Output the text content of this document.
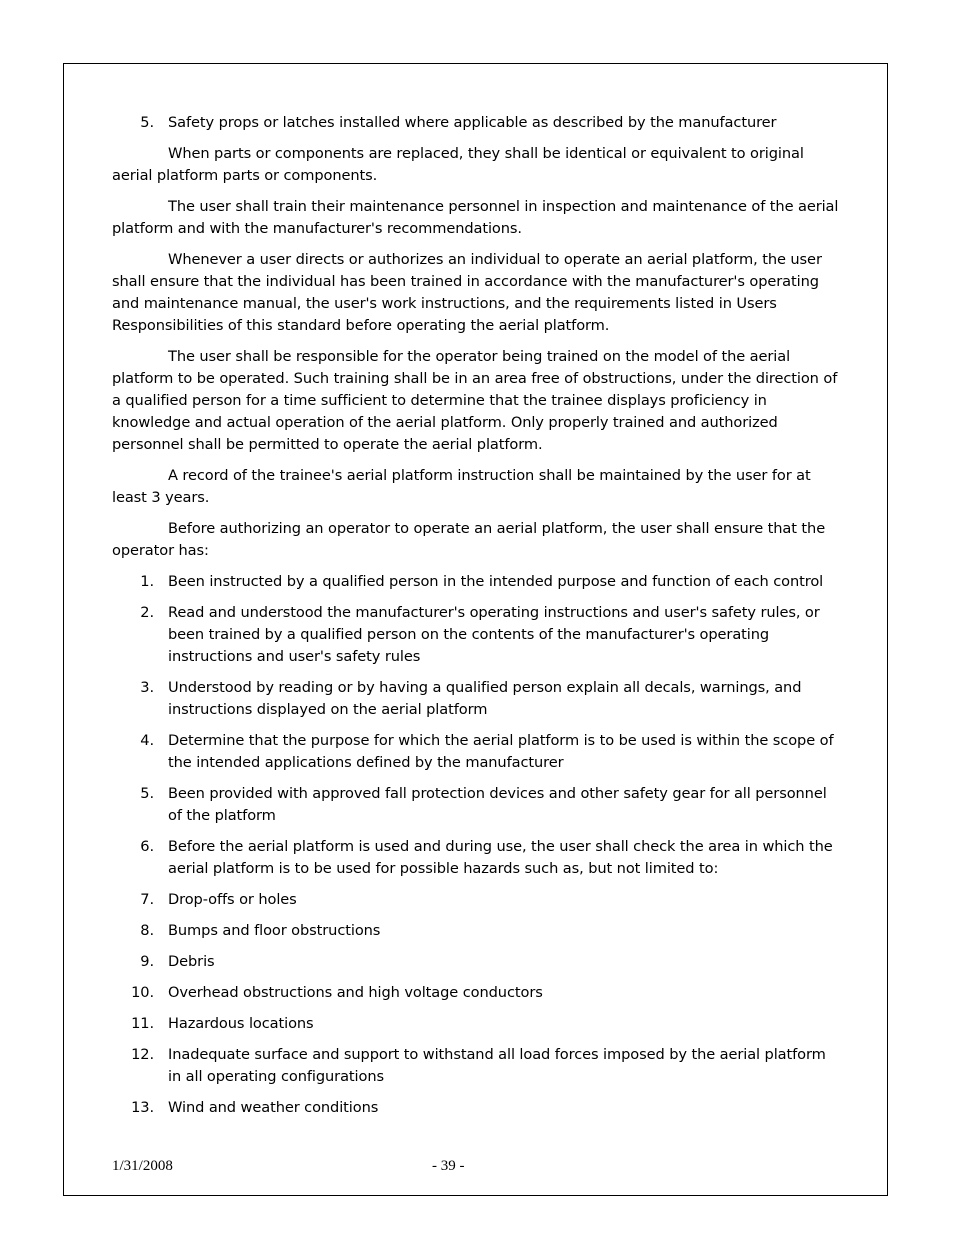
5. Safety props or latches installed where applicable as described by the manufacturer

When parts or components are replaced, they shall be identical or equivalent to original aerial platform parts or components.

The user shall train their maintenance personnel in inspection and maintenance of the aerial platform and with the manufacturer's recommendations.

Whenever a user directs or authorizes an individual to operate an aerial platform, the user shall ensure that the individual has been trained in accordance with the manufacturer's operating and maintenance manual, the user's work instructions, and the requirements listed in Users Responsibilities of this standard before operating the aerial platform.

The user shall be responsible for the operator being trained on the model of the aerial platform to be operated. Such training shall be in an area free of obstructions, under the direction of a qualified person for a time sufficient to determine that the trainee displays proficiency in knowledge and actual operation of the aerial platform. Only properly trained and authorized personnel shall be permitted to operate the aerial platform.

A record of the trainee's aerial platform instruction shall be maintained by the user for at least 3 years.

Before authorizing an operator to operate an aerial platform, the user shall ensure that the operator has:

1. Been instructed by a qualified person in the intended purpose and function of each control
2. Read and understood the manufacturer's operating instructions and user's safety rules, or been trained by a qualified person on the contents of the manufacturer's operating instructions and user's safety rules
3. Understood by reading or by having a qualified person explain all decals, warnings, and instructions displayed on the aerial platform
4. Determine that the purpose for which the aerial platform is to be used is within the scope of the intended applications defined by the manufacturer
5. Been provided with approved fall protection devices and other safety gear for all personnel of the platform
6. Before the aerial platform is used and during use, the user shall check the area in which the aerial platform is to be used for possible hazards such as, but not limited to:
7. Drop-offs or holes
8. Bumps and floor obstructions
9. Debris
10. Overhead obstructions and high voltage conductors
11. Hazardous locations
12. Inadequate surface and support to withstand all load forces imposed by the aerial platform in all operating configurations
13. Wind and weather conditions
1/31/2008	- 39 -
